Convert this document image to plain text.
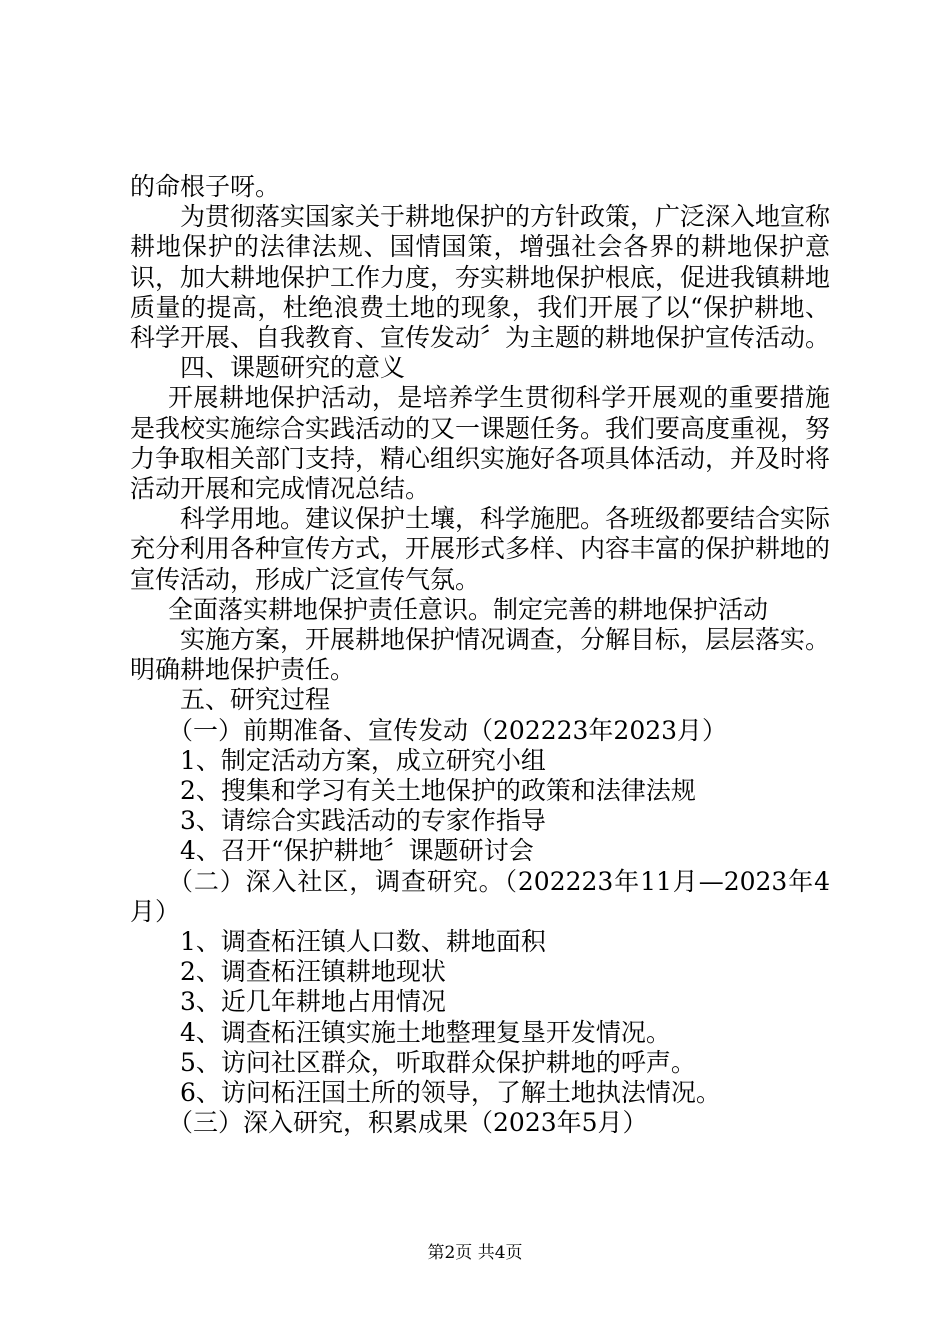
的命根子呀。

为贯彻落实国家关于耕地保护的方针政策，广泛深入地宣称耕地保护的法律法规、国情国策，增强社会各界的耕地保护意识，加大耕地保护工作力度，夯实耕地保护根底，促进我镇耕地质量的提高，杜绝浪费土地的现象，我们开展了以“保护耕地、科学开展、自我教育、宣传发动〞为主题的耕地保护宣传活动。

四、课题研究的意义

开展耕地保护活动，是培养学生贯彻科学开展观的重要措施是我校实施综合实践活动的又一课题任务。我们要高度重视，努力争取相关部门支持，精心组织实施好各项具体活动，并及时将活动开展和完成情况总结。

科学用地。建议保护土壤，科学施肥。各班级都要结合实际充分利用各种宣传方式，开展形式多样、内容丰富的保护耕地的宣传活动，形成广泛宣传气氛。

全面落实耕地保护责任意识。制定完善的耕地保护活动

实施方案，开展耕地保护情况调查，分解目标，层层落实。明确耕地保护责任。

五、研究过程

（一）前期准备、宣传发动（202223年2023月）

1、制定活动方案，成立研究小组

2、搜集和学习有关土地保护的政策和法律法规

3、请综合实践活动的专家作指导

4、召开“保护耕地〞课题研讨会

（二）深入社区，调查研究。（202223年11月—2023年4月）

1、调查柘汪镇人口数、耕地面积

2、调查柘汪镇耕地现状

3、近几年耕地占用情况

4、调查柘汪镇实施土地整理复垦开发情况。

5、访问社区群众，听取群众保护耕地的呼声。

6、访问柘汪国土所的领导，了解土地执法情况。

（三）深入研究，积累成果（2023年5月）

第2页 共4页
